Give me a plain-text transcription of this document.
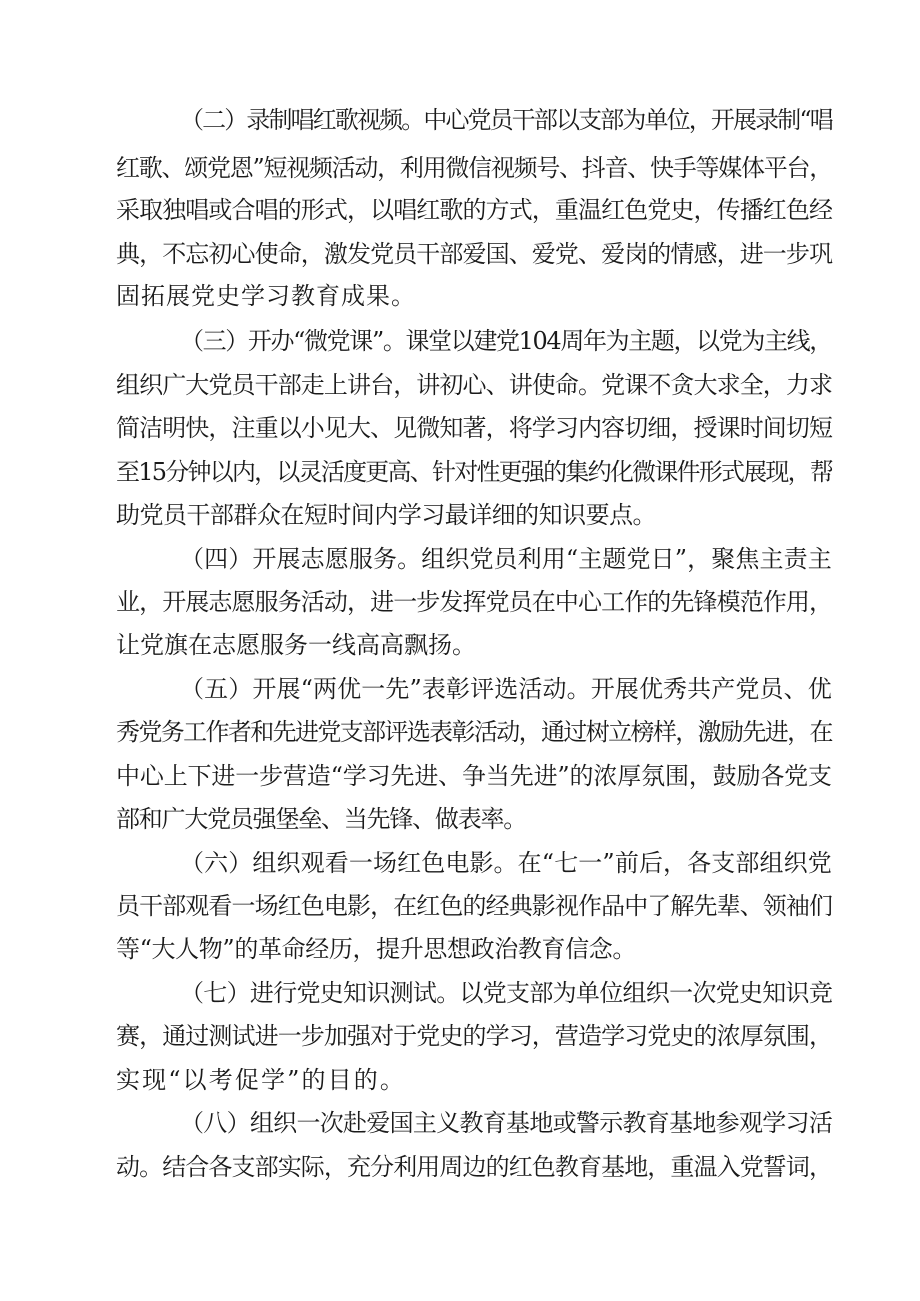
（二）录制唱红歌视频。中心党员干部以支部为单位，开展录制“唱
红歌、颂党恩”短视频活动，利用微信视频号、抖音、快手等媒体平台，
采取独唱或合唱的形式，以唱红歌的方式，重温红色党史，传播红色经
典，不忘初心使命，激发党员干部爱国、爱党、爱岗的情感，进一步巩
固拓展党史学习教育成果。
（三）开办“微党课”。课堂以建党104周年为主题，以党为主线，
组织广大党员干部走上讲台，讲初心、讲使命。党课不贪大求全，力求
简洁明快，注重以小见大、见微知著，将学习内容切细，授课时间切短
至15分钟以内，以灵活度更高、针对性更强的集约化微课件形式展现，帮
助党员干部群众在短时间内学习最详细的知识要点。
（四）开展志愿服务。组织党员利用“主题党日”，聚焦主责主
业，开展志愿服务活动，进一步发挥党员在中心工作的先锋模范作用，
让党旗在志愿服务一线高高飘扬。
（五）开展“两优一先”表彰评选活动。开展优秀共产党员、优
秀党务工作者和先进党支部评选表彰活动，通过树立榜样，激励先进，在
中心上下进一步营造“学习先进、争当先进”的浓厚氛围，鼓励各党支
部和广大党员强堡垒、当先锋、做表率。
（六）组织观看一场红色电影。在“七一”前后，各支部组织党
员干部观看一场红色电影，在红色的经典影视作品中了解先辈、领袖们
等“大人物”的革命经历，提升思想政治教育信念。
（七）进行党史知识测试。以党支部为单位组织一次党史知识竞
赛，通过测试进一步加强对于党史的学习，营造学习党史的浓厚氛围，
实现“以考促学”的目的。
（八）组织一次赴爱国主义教育基地或警示教育基地参观学习活
动。结合各支部实际，充分利用周边的红色教育基地，重温入党誓词，
